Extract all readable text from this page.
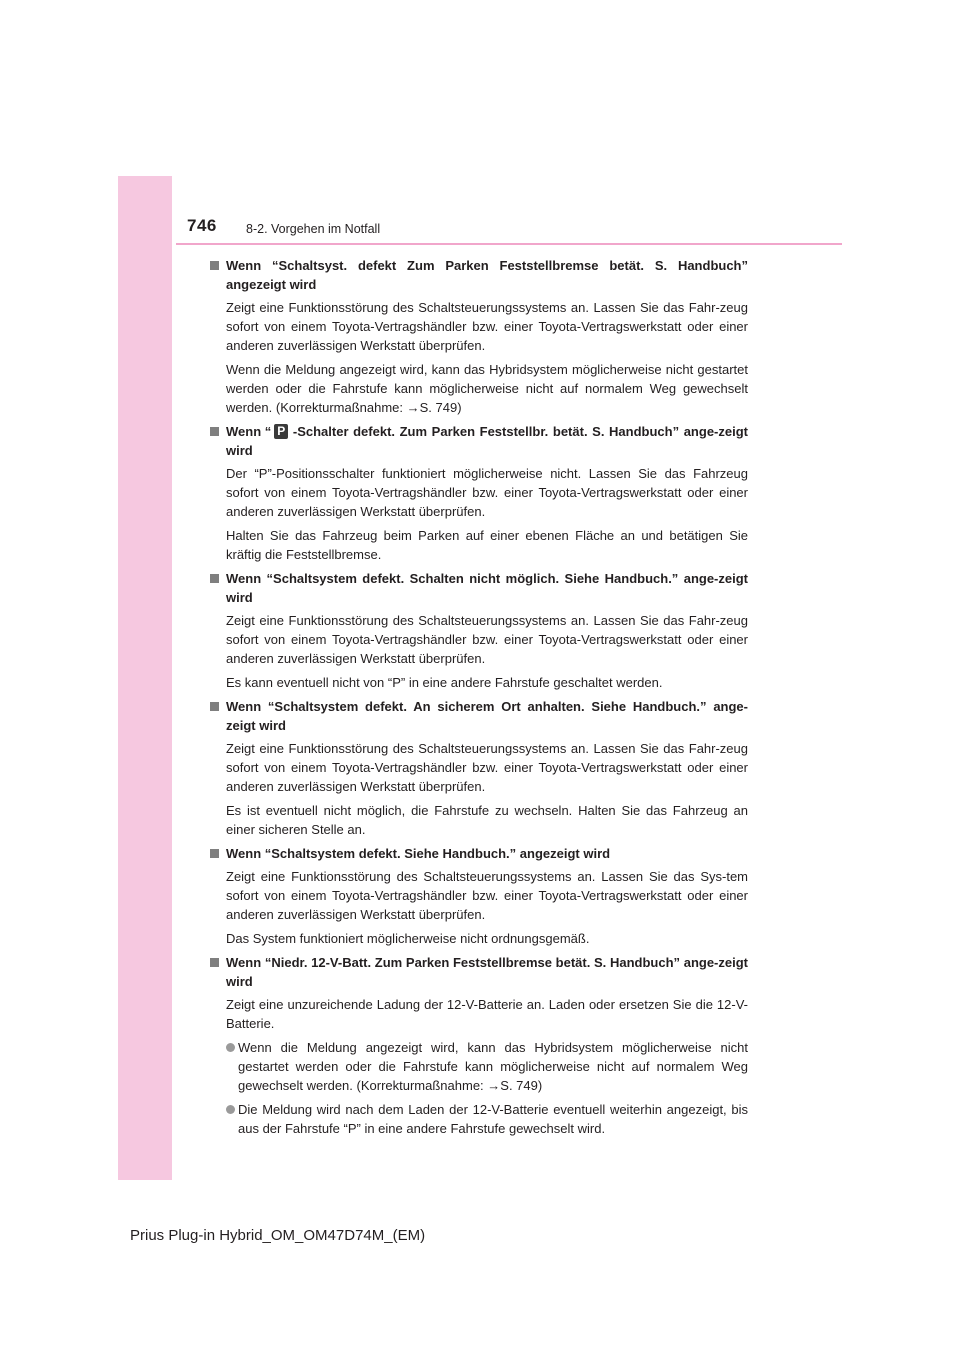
746 8-2. Vorgehen im Notfall
Wenn “Schaltsyst. defekt Zum Parken Feststellbremse betät. S. Handbuch” angezeigt wird

Zeigt eine Funktionsstörung des Schaltsteuerungssystems an. Lassen Sie das Fahr-zeug sofort von einem Toyota-Vertragshändler bzw. einer Toyota-Vertragswerkstatt oder einer anderen zuverlässigen Werkstatt überprüfen.

Wenn die Meldung angezeigt wird, kann das Hybridsystem möglicherweise nicht gestartet werden oder die Fahrstufe kann möglicherweise nicht auf normalem Weg gewechselt werden. (Korrekturmaßnahme: →S. 749)

Wenn “ P -Schalter defekt. Zum Parken Feststellbr. betät. S. Handbuch” ange-zeigt wird

Der “P”-Positionsschalter funktioniert möglicherweise nicht. Lassen Sie das Fahrzeug sofort von einem Toyota-Vertragshändler bzw. einer Toyota-Vertragswerkstatt oder einer anderen zuverlässigen Werkstatt überprüfen.

Halten Sie das Fahrzeug beim Parken auf einer ebenen Fläche an und betätigen Sie kräftig die Feststellbremse.

Wenn “Schaltsystem defekt. Schalten nicht möglich. Siehe Handbuch.” ange-zeigt wird

Zeigt eine Funktionsstörung des Schaltsteuerungssystems an. Lassen Sie das Fahr-zeug sofort von einem Toyota-Vertragshändler bzw. einer Toyota-Vertragswerkstatt oder einer anderen zuverlässigen Werkstatt überprüfen.

Es kann eventuell nicht von “P” in eine andere Fahrstufe geschaltet werden.

Wenn “Schaltsystem defekt. An sicherem Ort anhalten. Siehe Handbuch.” ange-zeigt wird

Zeigt eine Funktionsstörung des Schaltsteuerungssystems an. Lassen Sie das Fahr-zeug sofort von einem Toyota-Vertragshändler bzw. einer Toyota-Vertragswerkstatt oder einer anderen zuverlässigen Werkstatt überprüfen.

Es ist eventuell nicht möglich, die Fahrstufe zu wechseln. Halten Sie das Fahrzeug an einer sicheren Stelle an.

Wenn “Schaltsystem defekt. Siehe Handbuch.” angezeigt wird

Zeigt eine Funktionsstörung des Schaltsteuerungssystems an. Lassen Sie das Sys-tem sofort von einem Toyota-Vertragshändler bzw. einer Toyota-Vertragswerkstatt oder einer anderen zuverlässigen Werkstatt überprüfen.

Das System funktioniert möglicherweise nicht ordnungsgemäß.

Wenn “Niedr. 12-V-Batt. Zum Parken Feststellbremse betät. S. Handbuch” ange-zeigt wird

Zeigt eine unzureichende Ladung der 12-V-Batterie an. Laden oder ersetzen Sie die 12-V-Batterie.

Wenn die Meldung angezeigt wird, kann das Hybridsystem möglicherweise nicht gestartet werden oder die Fahrstufe kann möglicherweise nicht auf normalem Weg gewechselt werden. (Korrekturmaßnahme: →S. 749)
Die Meldung wird nach dem Laden der 12-V-Batterie eventuell weiterhin angezeigt, bis aus der Fahrstufe “P” in eine andere Fahrstufe gewechselt wird.
Prius Plug-in Hybrid_OM_OM47D74M_(EM)
